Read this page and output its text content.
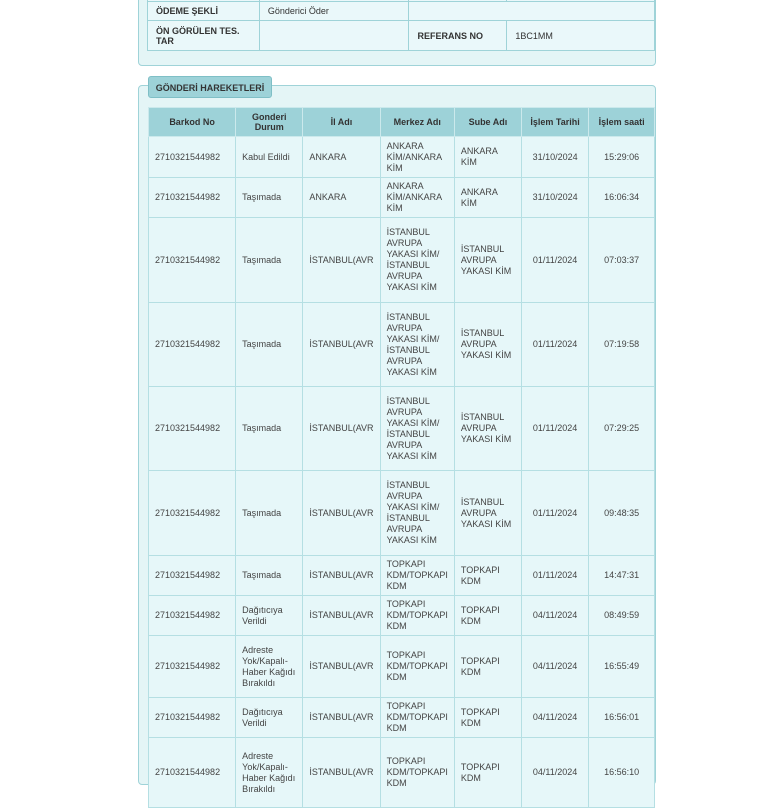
ÖDEME ŞEKLİ	Gönderici Öder		
ÖN GÖRÜLEN TES. TAR		REFERANS NO	1BC1MM
GÖNDERİ HAREKETLERİ
Barkod No	Gonderi Durum	İl Adı	Merkez Adı	Sube Adı	İşlem Tarihi	İşlem saati
2710321544982	Kabul Edildi	ANKARA	ANKARA KİM/ANKARA KİM	ANKARA KİM	31/10/2024	15:29:06
2710321544982	Taşımada	ANKARA	ANKARA KİM/ANKARA KİM	ANKARA KİM	31/10/2024	16:06:34
2710321544982	Taşımada	İSTANBUL(AVR	İSTANBUL AVRUPA YAKASI KİM/ İSTANBUL AVRUPA YAKASI KİM	İSTANBUL AVRUPA YAKASI KİM	01/11/2024	07:03:37
2710321544982	Taşımada	İSTANBUL(AVR	İSTANBUL AVRUPA YAKASI KİM/ İSTANBUL AVRUPA YAKASI KİM	İSTANBUL AVRUPA YAKASI KİM	01/11/2024	07:19:58
2710321544982	Taşımada	İSTANBUL(AVR	İSTANBUL AVRUPA YAKASI KİM/ İSTANBUL AVRUPA YAKASI KİM	İSTANBUL AVRUPA YAKASI KİM	01/11/2024	07:29:25
2710321544982	Taşımada	İSTANBUL(AVR	İSTANBUL AVRUPA YAKASI KİM/ İSTANBUL AVRUPA YAKASI KİM	İSTANBUL AVRUPA YAKASI KİM	01/11/2024	09:48:35
2710321544982	Taşımada	İSTANBUL(AVR	TOPKAPI KDM/TOPKAPI KDM	TOPKAPI KDM	01/11/2024	14:47:31
2710321544982	Dağıtıcıya Verildi	İSTANBUL(AVR	TOPKAPI KDM/TOPKAPI KDM	TOPKAPI KDM	04/11/2024	08:49:59
2710321544982	Adreste Yok/Kapalı-Haber Kağıdı Bırakıldı	İSTANBUL(AVR	TOPKAPI KDM/TOPKAPI KDM	TOPKAPI KDM	04/11/2024	16:55:49
2710321544982	Dağıtıcıya Verildi	İSTANBUL(AVR	TOPKAPI KDM/TOPKAPI KDM	TOPKAPI KDM	04/11/2024	16:56:01
2710321544982	Adreste Yok/Kapalı-Haber Kağıdı Bırakıldı	İSTANBUL(AVR	TOPKAPI KDM/TOPKAPI KDM	TOPKAPI KDM	04/11/2024	16:56:10
